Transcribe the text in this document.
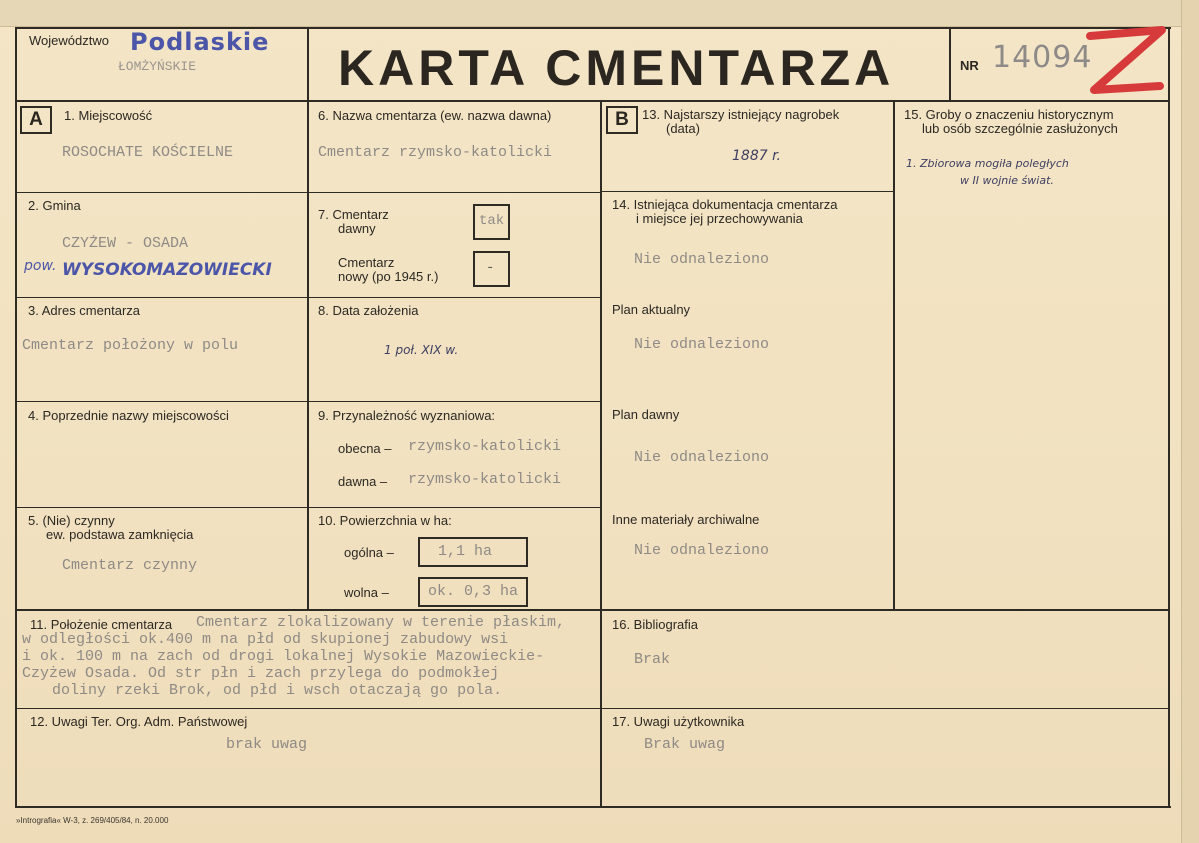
Województwo Podlaskie
ŁOMŻYŃSKIE	KARTA CMENTARZA	NR 14094
A	1. Miejscowość
ROSOCHATE KOŚCIELNE
2. Gmina
CZYŻEW - OSADA
pow. WYSOKOMAZOWIECKI
3. Adres cmentarza
Cmentarz położony w polu
4. Poprzednie nazwy miejscowości
5. (Nie) czynny
ew. podstawa zamknięcia
Cmentarz czynny
6. Nazwa cmentarza (ew. nazwa dawna)
Cmentarz rzymsko-katolicki
7. Cmentarz
dawny	tak
Cmentarz
nowy (po 1945 r.)
-
8. Data założenia
1 poł. XIX w.
9. Przynależność wyznaniowa:
obecna – rzymsko-katolicki
dawna – rzymsko-katolicki
10. Powierzchnia w ha:
ogólna –	1,1 ha
wolna –	ok. 0,3 ha
B	13. Najstarszy istniejący nagrobek
(data)
1887 r.
14. Istniejąca dokumentacja cmentarza
i miejsce jej przechowywania
Nie odnaleziono
Plan aktualny
Nie odnaleziono
Plan dawny
Nie odnaleziono
Inne materiały archiwalne
Nie odnaleziono
15. Groby o znaczeniu historycznym
lub osób szczególnie zasłużonych
1. Zbiorowa mogiła poległych
w II wojnie świat.
11. Położenie cmentarza Cmentarz zlokalizowany w terenie płaskim,
w odległości ok.400 m na płd od skupionej zabudowy wsi
i ok. 100 m na zach od drogi lokalnej Wysokie Mazowieckie-
Czyżew Osada. Od str płn i zach przylega do podmokłej
doliny rzeki Brok, od płd i wsch otaczają go pola.
16. Bibliografia
Brak
12. Uwagi Ter. Org. Adm. Państwowej
brak uwag
17. Uwagi użytkownika
Brak uwag
»Intrografia« W-3, z. 269/405/84, n. 20.000
